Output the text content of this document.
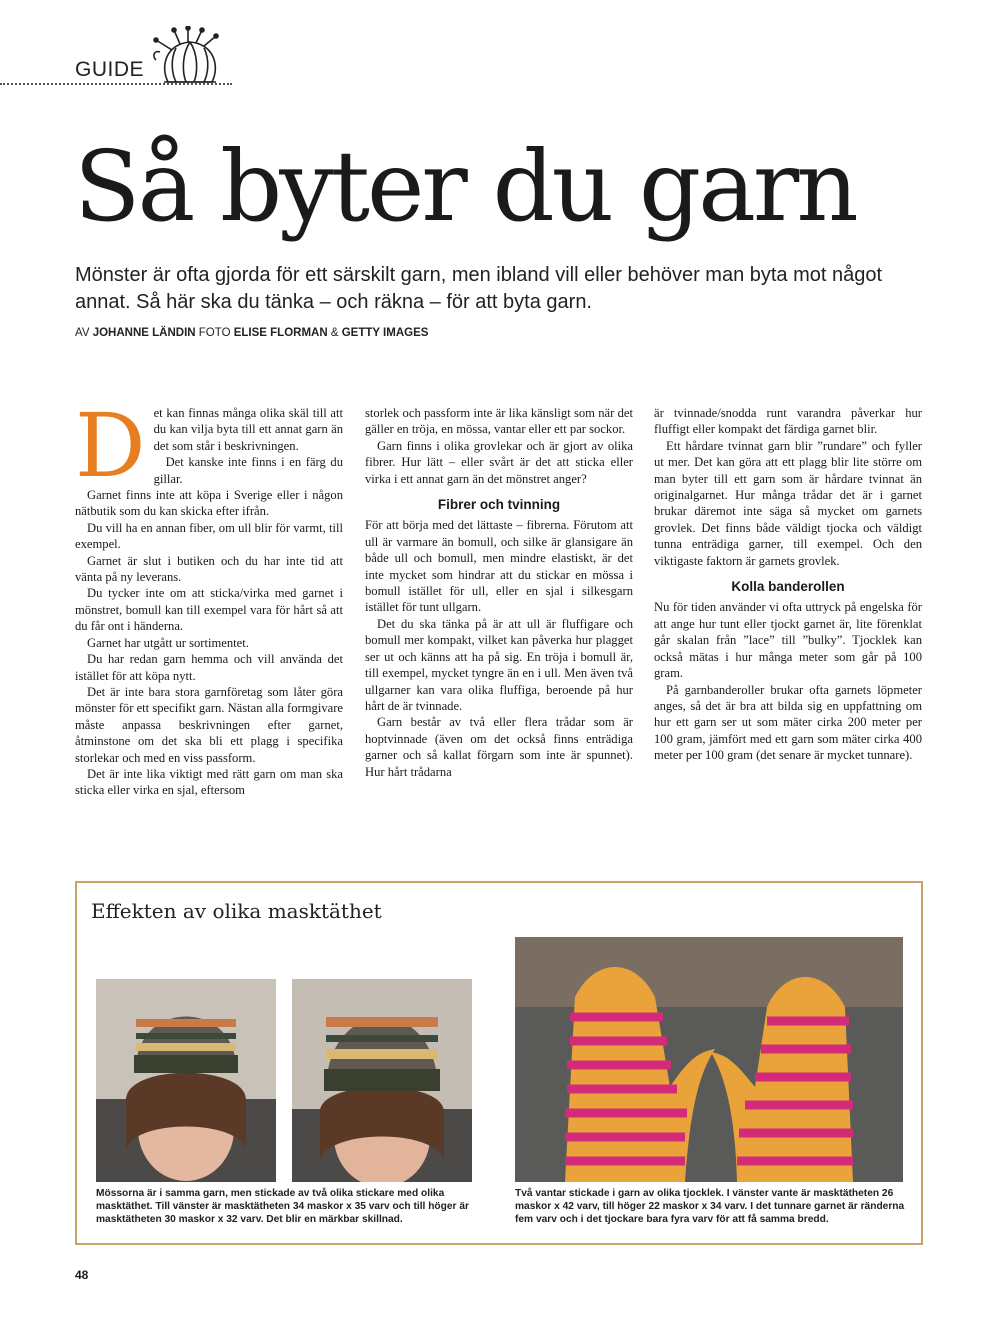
GUIDE
Så byter du garn

Mönster är ofta gjorda för ett särskilt garn, men ibland vill eller behöver man byta mot något annat. Så här ska du tänka – och räkna – för att byta garn.

AV JOHANNE LÄNDIN FOTO ELISE FLORMAN & GETTY IMAGES
D et kan finnas många olika skäl till att du kan vilja byta till ett annat garn än det som står i beskrivningen.

Det kanske inte finns i en färg du gillar.

Garnet finns inte att köpa i Sverige eller i någon nätbutik som du kan skicka efter ifrån.

Du vill ha en annan fiber, om ull blir för varmt, till exempel.

Garnet är slut i butiken och du har inte tid att vänta på ny leverans.

Du tycker inte om att sticka/virka med garnet i mönstret, bomull kan till exempel vara för hårt så att du får ont i händerna.

Garnet har utgått ur sortimentet.

Du har redan garn hemma och vill använda det istället för att köpa nytt.

Det är inte bara stora garnföretag som låter göra mönster för ett specifikt garn. Nästan alla formgivare måste anpassa beskrivningen efter garnet, åtminstone om det ska bli ett plagg i specifika storlekar och med en viss passform.

Det är inte lika viktigt med rätt garn om man ska sticka eller virka en sjal, eftersom

storlek och passform inte är lika känsligt som när det gäller en tröja, en mössa, vantar eller ett par sockor.

Garn finns i olika grovlekar och är gjort av olika fibrer. Hur lätt – eller svårt är det att sticka eller virka i ett annat garn än det mönstret anger?

Fibrer och tvinning

För att börja med det lättaste – fibrerna. Förutom att ull är varmare än bomull, och silke är glansigare än både ull och bomull, men mindre elastiskt, är det inte mycket som hindrar att du stickar en mössa i bomull istället för ull, eller en sjal i silkesgarn istället för tunt ullgarn.

Det du ska tänka på är att ull är fluffigare och bomull mer kompakt, vilket kan påverka hur plagget ser ut och känns att ha på sig. En tröja i bomull är, till exempel, mycket tyngre än en i ull. Men även två ullgarner kan vara olika fluffiga, beroende på hur hårt de är tvinnade.

Garn består av två eller flera trådar som är hoptvinnade (även om det också finns enträdiga garner och så kallat förgarn som inte är spunnet). Hur hårt trådarna

är tvinnade/snodda runt varandra påverkar hur fluffigt eller kompakt det färdiga garnet blir.

Ett hårdare tvinnat garn blir ”rundare” och fyller ut mer. Det kan göra att ett plagg blir lite större om man byter till ett garn som är hårdare tvinnat än originalgarnet. Hur många trådar det är i garnet brukar däremot inte säga så mycket om garnets grovlek. Det finns både väldigt tjocka och väldigt tunna enträdiga garner, till exempel. Och den viktigaste faktorn är garnets grovlek.

Kolla banderollen

Nu för tiden använder vi ofta uttryck på engelska för att ange hur tunt eller tjockt garnet är, lite förenklat går skalan från ”lace” till ”bulky”. Tjocklek kan också mätas i hur många meter som går på 100 gram.

På garnbanderoller brukar ofta garnets löpmeter anges, så det är bra att bilda sig en uppfattning om hur ett garn ser ut som mäter cirka 200 meter per 100 gram, jämfört med ett garn som mäter cirka 400 meter per 100 gram (det senare är mycket tunnare).

Effekten av olika masktäthet

Mössorna är i samma garn, men stickade av två olika stickare med olika masktäthet. Till vänster är masktätheten 34 maskor x 35 varv och till höger är masktätheten 30 maskor x 32 varv. Det blir en märkbar skillnad.

Två vantar stickade i garn av olika tjocklek. I vänster vante är masktätheten 26 maskor x 42 varv, till höger 22 maskor x 34 varv. I det tunnare garnet är ränderna fem varv och i det tjockare bara fyra varv för att få samma bredd.

48
